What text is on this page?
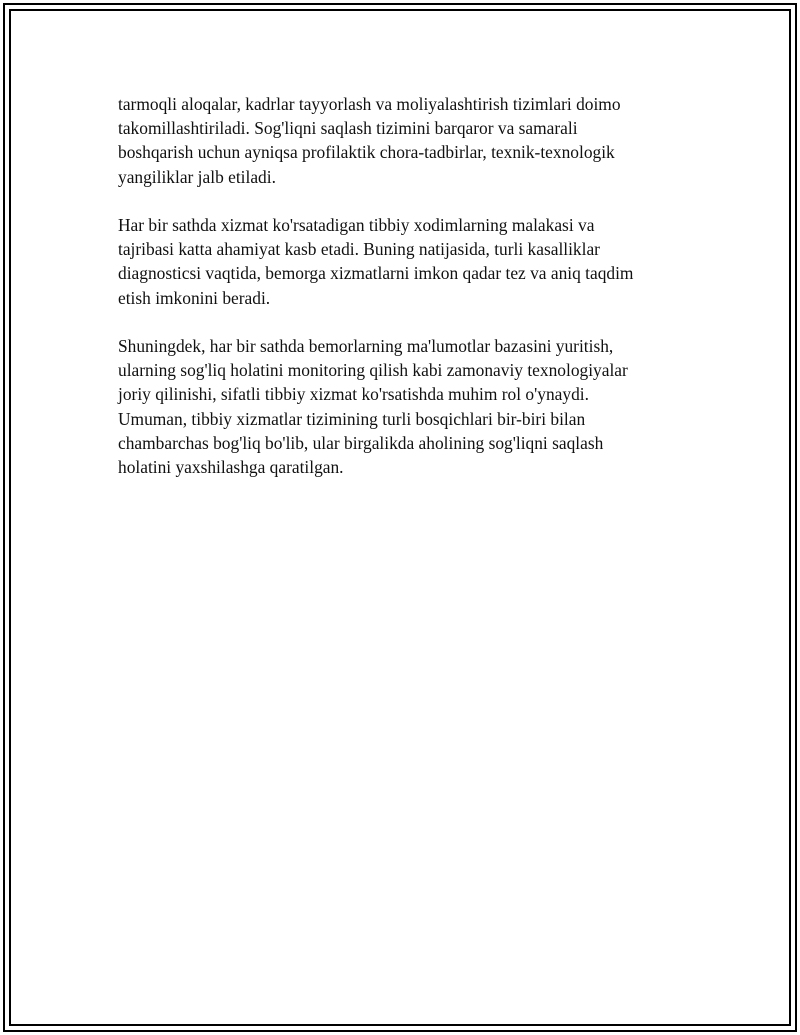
tarmoqli aloqalar, kadrlar tayyorlash va moliyalashtirish tizimlari doimo
takomillashtiriladi. Sog'liqni saqlash tizimini barqaror va samarali
boshqarish uchun ayniqsa profilaktik chora-tadbirlar, texnik-texnologik
yangiliklar jalb etiladi.

Har bir sathda xizmat ko'rsatadigan tibbiy xodimlarning malakasi va
tajribasi katta ahamiyat kasb etadi. Buning natijasida, turli kasalliklar
diagnosticsi vaqtida, bemorga xizmatlarni imkon qadar tez va aniq taqdim
etish imkonini beradi.

Shuningdek, har bir sathda bemorlarning ma'lumotlar bazasini yuritish,
ularning sog'liq holatini monitoring qilish kabi zamonaviy texnologiyalar
joriy qilinishi, sifatli tibbiy xizmat ko'rsatishda muhim rol o'ynaydi.
Umuman, tibbiy xizmatlar tizimining turli bosqichlari bir-biri bilan
chambarchas bog'liq bo'lib, ular birgalikda aholining sog'liqni saqlash
holatini yaxshilashga qaratilgan.
